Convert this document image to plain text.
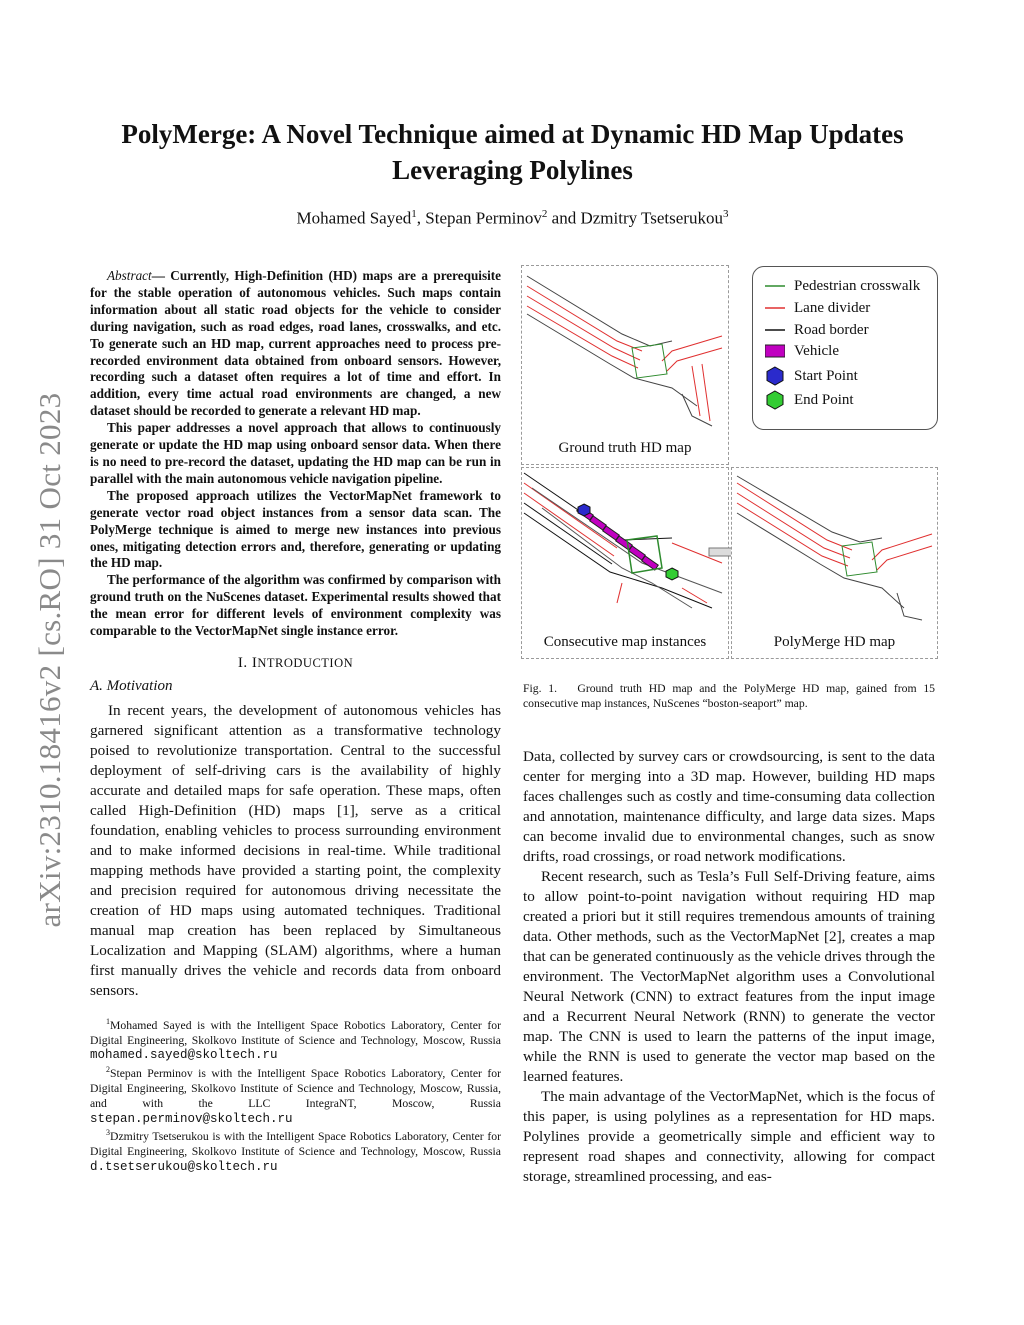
arXiv:2310.18416v2 [cs.RO] 31 Oct 2023
PolyMerge: A Novel Technique aimed at Dynamic HD Map Updates
Leveraging Polylines
Mohamed Sayed$^1$, Stepan Perminov$^2$ and Dzmitry Tsetserukou$^3$

Abstract— Currently, High-Definition (HD) maps are a prerequisite for the stable operation of autonomous vehicles. Such maps contain information about all static road objects for the vehicle to consider during navigation, such as road edges, road lanes, crosswalks, and etc. To generate such an HD map, current approaches need to process pre-recorded environment data obtained from onboard sensors. However, recording such a dataset often requires a lot of time and effort. In addition, every time actual road environments are changed, a new dataset should be recorded to generate a relevant HD map.

This paper addresses a novel approach that allows to continuously generate or update the HD map using onboard sensor data. When there is no need to pre-record the dataset, updating the HD map can be run in parallel with the main autonomous vehicle navigation pipeline.

The proposed approach utilizes the VectorMapNet framework to generate vector road object instances from a sensor data scan. The PolyMerge technique is aimed to merge new instances into previous ones, mitigating detection errors and, therefore, generating or updating the HD map.

The performance of the algorithm was confirmed by comparison with ground truth on the NuScenes dataset. Experimental results showed that the mean error for different levels of environment complexity was comparable to the VectorMapNet single instance error.

I. INTRODUCTION
A. Motivation

In recent years, the development of autonomous vehicles has garnered significant attention as a transformative technology poised to revolutionize transportation. Central to the successful deployment of self-driving cars is the availability of highly accurate and detailed maps for safe operation. These maps, often called High-Definition (HD) maps [1], serve as a critical foundation, enabling vehicles to process surrounding environment and to make informed decisions in real-time. While traditional mapping methods have provided a starting point, the complexity and precision required for autonomous driving necessitate the creation of HD maps using automated techniques. Traditional manual map creation has been replaced by Simultaneous Localization and Mapping (SLAM) algorithms, where a human first manually drives the vehicle and records data from onboard sensors.

$^1$Mohamed Sayed is with the Intelligent Space Robotics Laboratory, Center for Digital Engineering, Skolkovo Institute of Science and Technology, Moscow, Russia mohamed.sayed@skoltech.ru

$^2$Stepan Perminov is with the Intelligent Space Robotics Laboratory, Center for Digital Engineering, Skolkovo Institute of Science and Technology, Moscow, Russia, and with the LLC IntegraNT, Moscow, Russia stepan.perminov@skoltech.ru

$^3$Dzmitry Tsetserukou is with the Intelligent Space Robotics Laboratory, Center for Digital Engineering, Skolkovo Institute of Science and Technology, Moscow, Russia d.tsetserukou@skoltech.ru

Ground truth HD map
Pedestrian crosswalk
Lane divider
Road border
Vehicle
Start Point
End Point
Consecutive map instances	PolyMerge HD map
Fig. 1. Ground truth HD map and the PolyMerge HD map, gained from 15 consecutive map instances, NuScenes “boston-seaport” map.

Data, collected by survey cars or crowdsourcing, is sent to the data center for merging into a 3D map. However, building HD maps faces challenges such as costly and time-consuming data collection and annotation, maintenance difficulty, and large data sizes. Maps can become invalid due to environmental changes, such as snow drifts, road crossings, or road network modifications.

Recent research, such as Tesla’s Full Self-Driving feature, aims to allow point-to-point navigation without requiring HD map created a priori but it still requires tremendous amounts of training data. Other methods, such as the VectorMapNet [2], creates a map that can be generated continuously as the vehicle drives through the environment. The VectorMapNet algorithm uses a Convolutional Neural Network (CNN) to extract features from the input image and a Recurrent Neural Network (RNN) to generate the vector map. The CNN is used to learn the patterns of the input image, while the RNN is used to generate the vector map based on the learned features.

The main advantage of the VectorMapNet, which is the focus of this paper, is using polylines as a representation for HD maps. Polylines provide a geometrically simple and efficient way to represent road shapes and connectivity, allowing for compact storage, streamlined processing, and eas-
